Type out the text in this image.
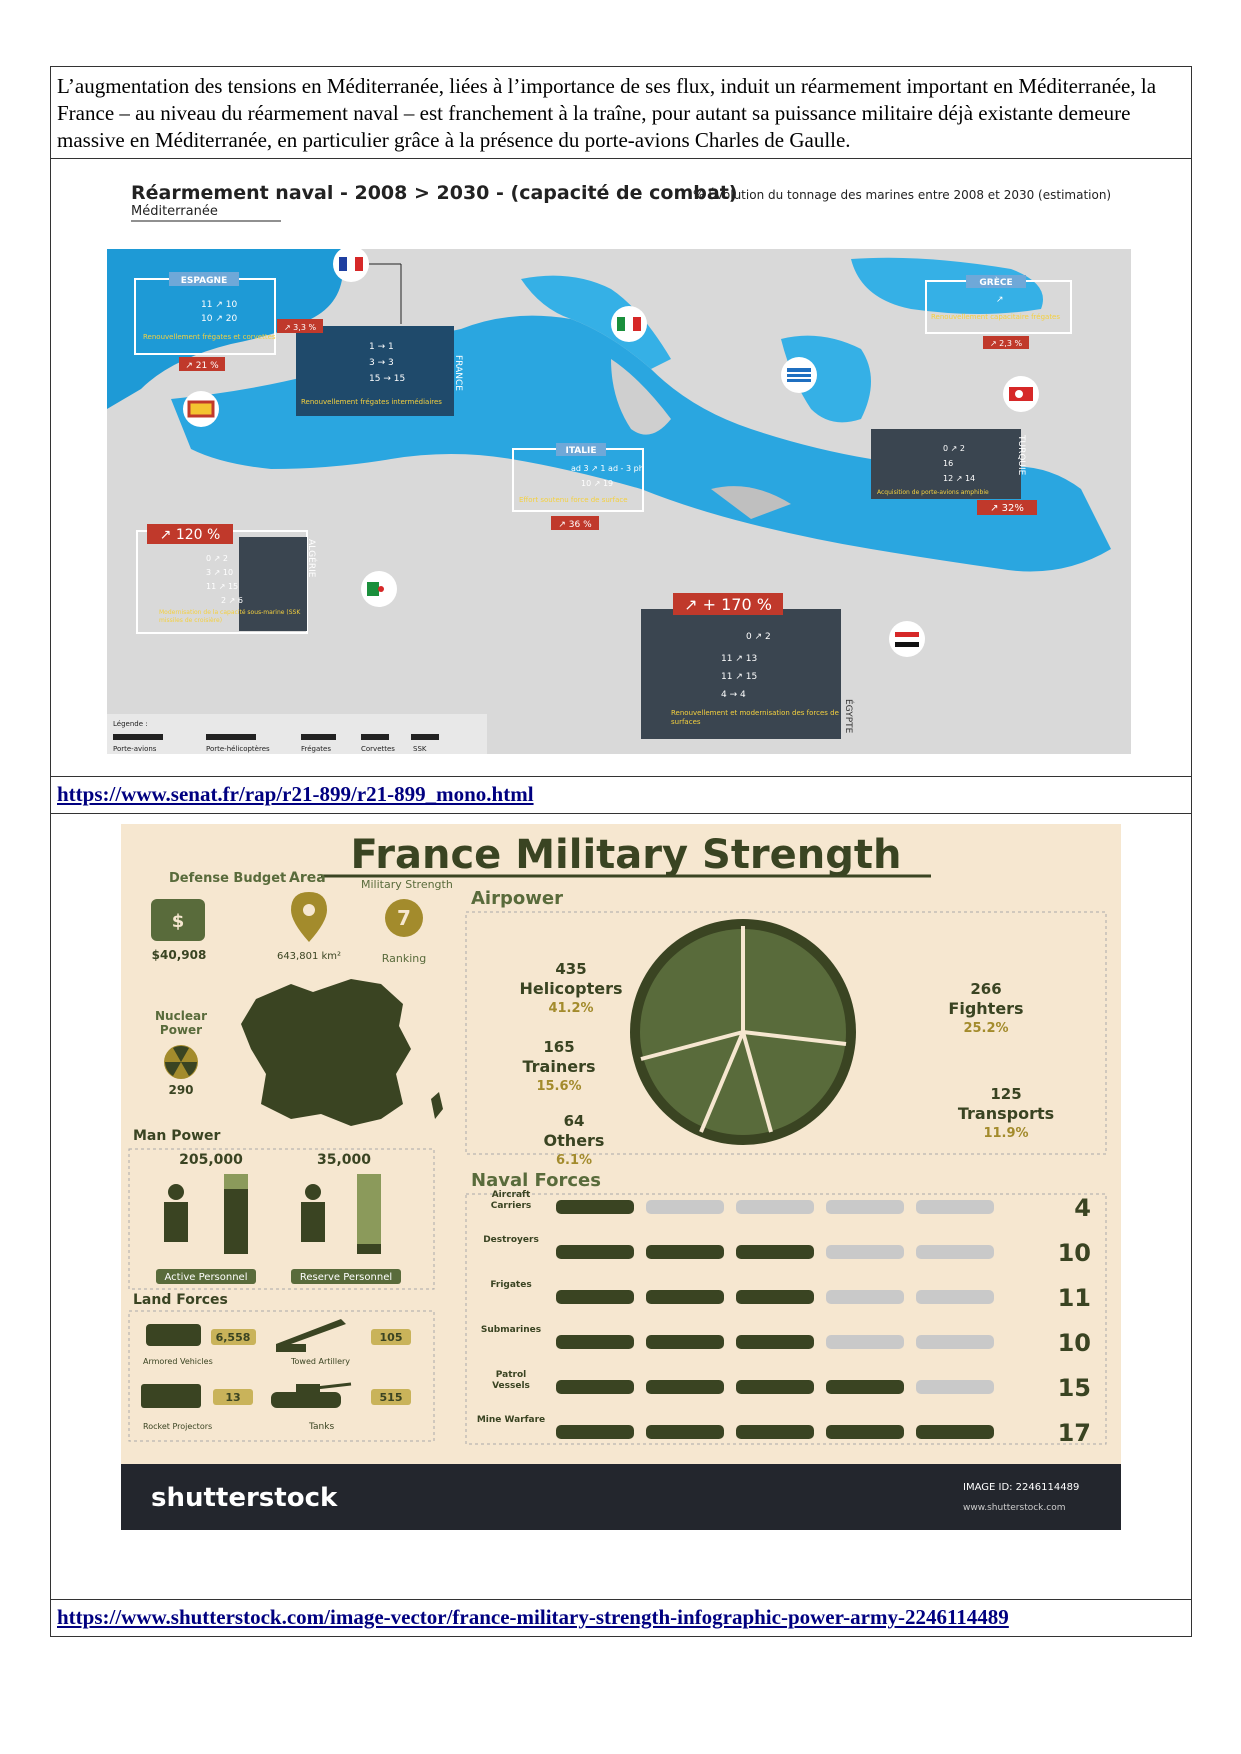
L’augmentation des tensions en Méditerranée, liées à l’importance de ses flux, induit un réarmement important en Méditerranée, la France – au niveau du réarmement naval – est franchement à la traîne, pour autant sa puissance militaire déjà existante demeure massive en Méditerranée, en particulier grâce à la présence du porte-avions Charles de Gaulle.

Réarmement naval - 2008 > 2030 - (capacité de combat)
Méditerranée
% Évolution du tonnage des marines entre 2008 et 2030 (estimation)
ESPAGNE
11 ↗ 10
10 ↗ 20
Renouvellement frégates et corvettes
↗ 21 %
↗ 3,3 %
1 → 1
3 → 3
15 → 15
Renouvellement frégates intermédiaires
FRANCE
ITALIE
ad 3 ↗ 1 ad - 3 ph
10 ↗ 19
Effort soutenu force de surface
↗ 36 %
GRÈCE
↗
Renouvellement capacitaire frégates
↗ 2,3 %
0 ↗ 2
16
12 ↗ 14
Acquisition de porte-avions amphibie
TURQUIE
↗ 32%
↗ 120 %
0 ↗ 2
3 ↗ 10
11 ↗ 15
2 ↗ 6
Modernisation de la capacité sous-marine (SSK missiles de croisière)
ALGÉRIE
↗ + 170 %
0 ↗ 2
11 ↗ 13
11 ↗ 15
4 → 4
Renouvellement et modernisation des forces de surfaces	ÉGYPTE
Légende :
Porte-avions	Porte-hélicoptères	Frégates	Corvettes	SSK

https://www.senat.fr/rap/r21-899/r21-899_mono.html

France Military Strength
Defense Budget
$
$40,908
Area
643,801 km²
Military Strength
7
Ranking
Nuclear Power
290
Man Power
205,000
Active Personnel
35,000
Reserve Personnel
Land Forces
Armored Vehicles
6,558
Towed Artillery
105
Rocket Projectors
13
Tanks
515
Airpower
435
Helicopters
41.2%
165
Trainers
15.6%
64
Others
6.1%
266
Fighters
25.2%
125
Transports
11.9%
Naval Forces
Aircraft Carriers	4
Destroyers	10
Frigates	11
Submarines	10
Patrol Vessels	15
Mine Warfare	17
shutterstock	IMAGE ID: 2246114489
www.shutterstock.com

https://www.shutterstock.com/image-vector/france-military-strength-infographic-power-army-2246114489
